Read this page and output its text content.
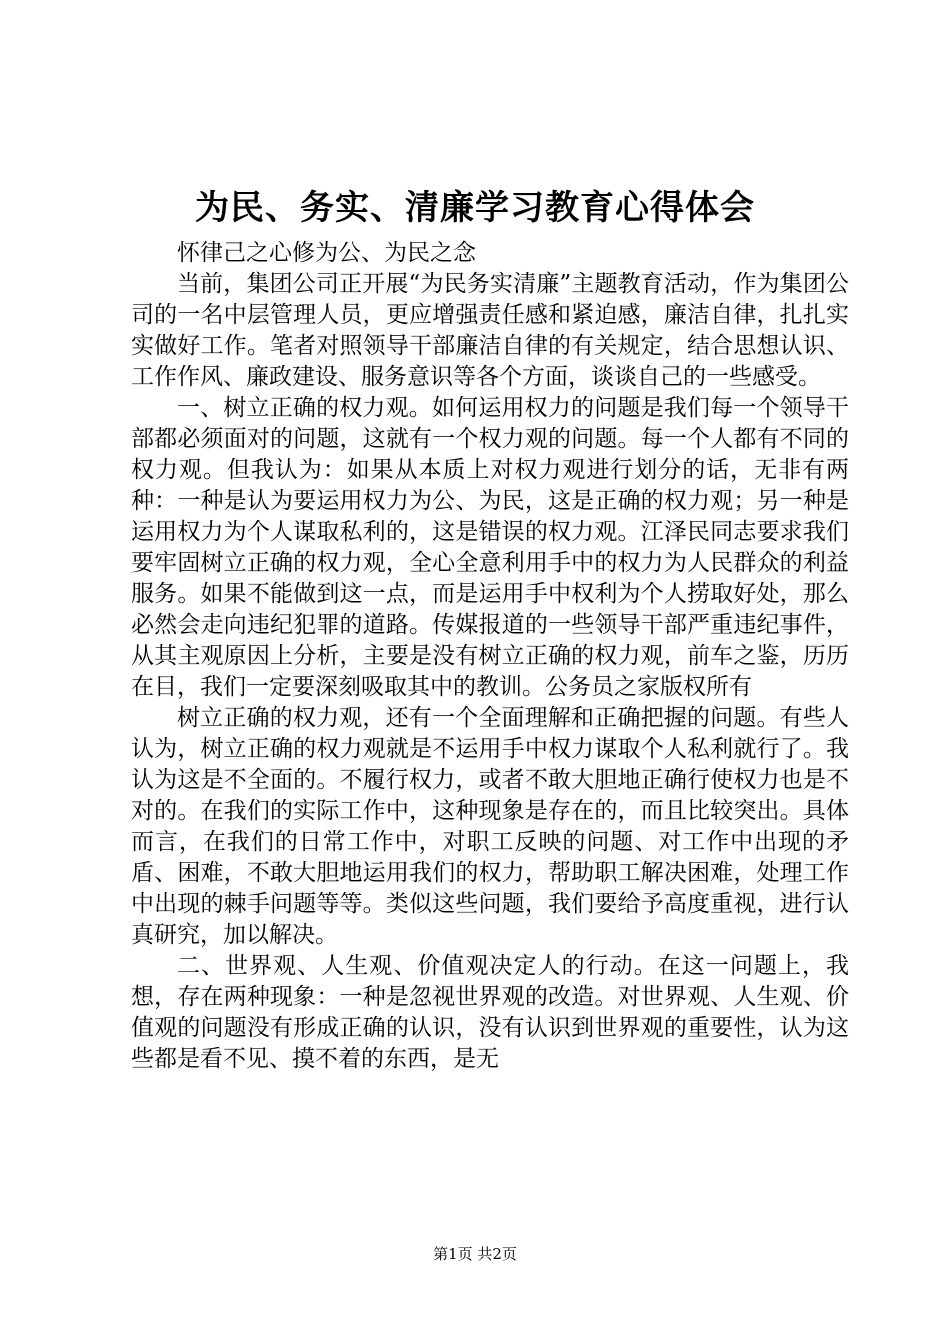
为民、务实、清廉学习教育心得体会

怀律己之心修为公、为民之念

当前，集团公司正开展“为民务实清廉”主题教育活动，作为集团公司的一名中层管理人员，更应增强责任感和紧迫感，廉洁自律，扎扎实实做好工作。笔者对照领导干部廉洁自律的有关规定，结合思想认识、工作作风、廉政建设、服务意识等各个方面，谈谈自己的一些感受。

一、树立正确的权力观。如何运用权力的问题是我们每一个领导干部都必须面对的问题，这就有一个权力观的问题。每一个人都有不同的权力观。但我认为：如果从本质上对权力观进行划分的话，无非有两种：一种是认为要运用权力为公、为民，这是正确的权力观；另一种是运用权力为个人谋取私利的，这是错误的权力观。江泽民同志要求我们要牢固树立正确的权力观，全心全意利用手中的权力为人民群众的利益服务。如果不能做到这一点，而是运用手中权利为个人捞取好处，那么必然会走向违纪犯罪的道路。传媒报道的一些领导干部严重违纪事件，从其主观原因上分析，主要是没有树立正确的权力观，前车之鉴，历历在目，我们一定要深刻吸取其中的教训。公务员之家版权所有

树立正确的权力观，还有一个全面理解和正确把握的问题。有些人认为，树立正确的权力观就是不运用手中权力谋取个人私利就行了。我认为这是不全面的。不履行权力，或者不敢大胆地正确行使权力也是不对的。在我们的实际工作中，这种现象是存在的，而且比较突出。具体而言，在我们的日常工作中，对职工反映的问题、对工作中出现的矛盾、困难，不敢大胆地运用我们的权力，帮助职工解决困难，处理工作中出现的棘手问题等等。类似这些问题，我们要给予高度重视，进行认真研究，加以解决。

二、世界观、人生观、价值观决定人的行动。在这一问题上，我想，存在两种现象：一种是忽视世界观的改造。对世界观、人生观、价值观的问题没有形成正确的认识，没有认识到世界观的重要性，认为这些都是看不见、摸不着的东西，是无

第1页 共2页
